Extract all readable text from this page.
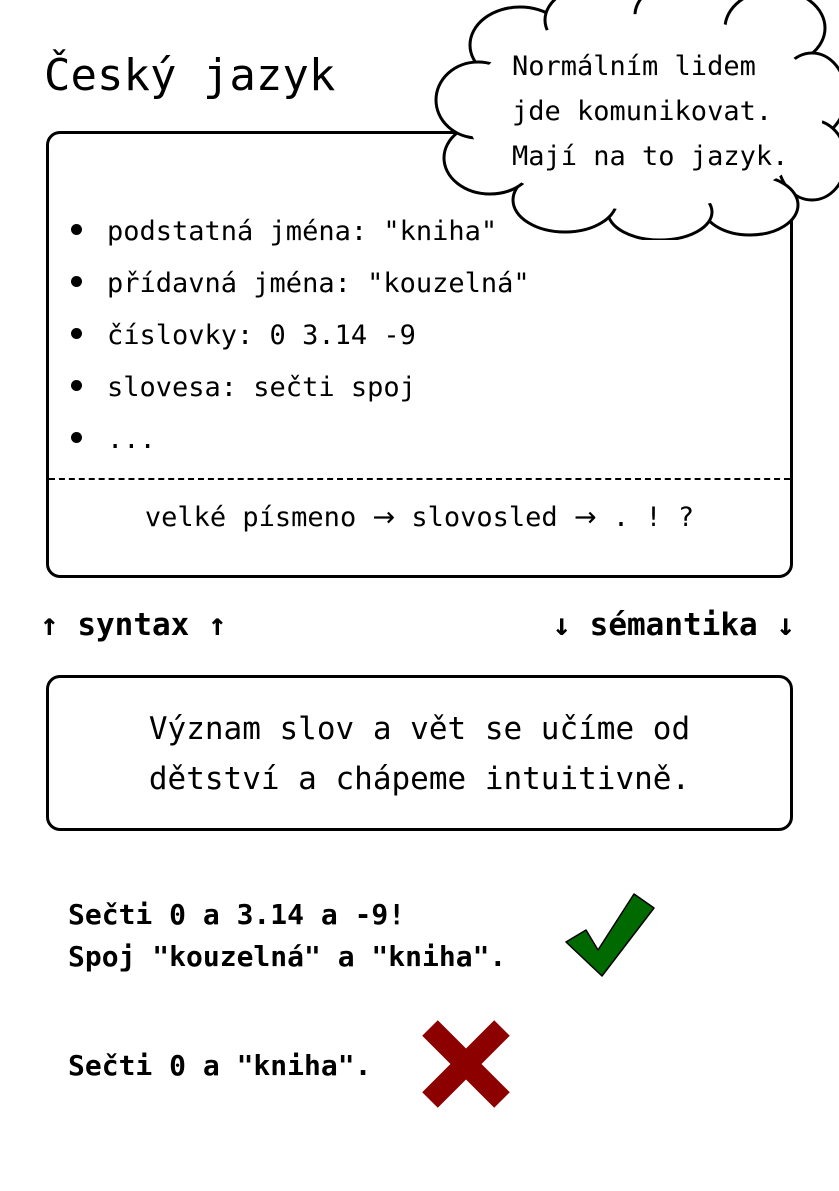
Český jazyk
podstatná jména: "kniha"
přídavná jména: "kouzelná"
číslovky: 0 3.14 -9
slovesa: sečti spoj
...
velké písmeno → slovosled → . ! ?
Normálním lidem
jde komunikovat.
Mají na to jazyk.
↑ syntax ↑	↓ sémantika ↓
Význam slov a vět se učíme od
dětství a chápeme intuitivně.
Sečti 0 a 3.14 a -9!
Spoj "kouzelná" a "kniha".
Sečti 0 a "kniha".
